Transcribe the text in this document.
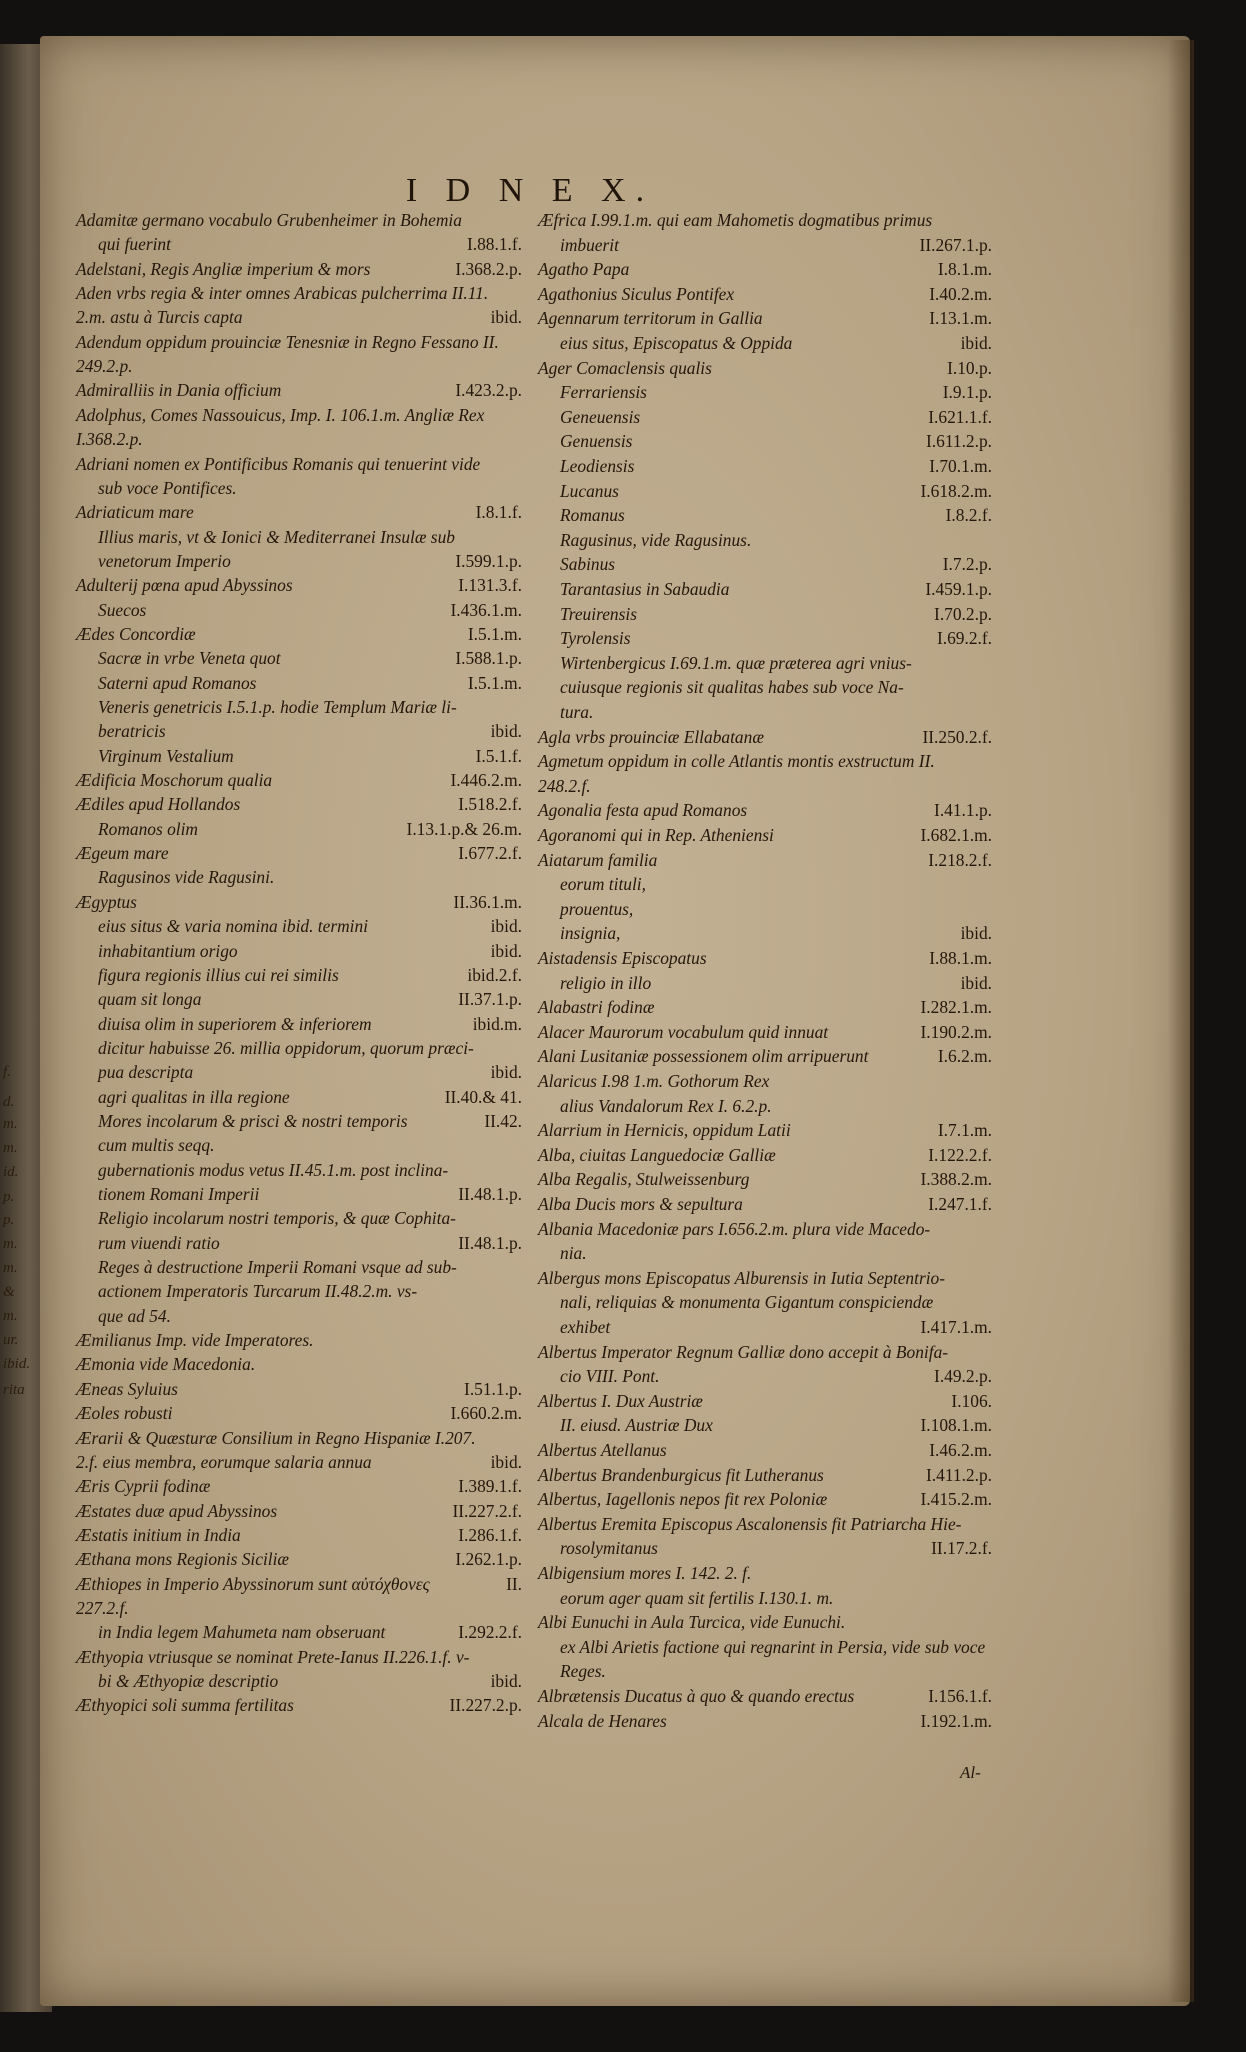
f.
d.
m.
m.
id.
p.
p.
m.
m.
&
m.
ur.
ibid.
rita
I D N E X.
Adamitæ germano vocabulo Grubenheimer in Bohemia
qui fuerint	I.88.1.f.
Adelstani, Regis Angliæ imperium & mors	I.368.2.p.
Aden vrbs regia & inter omnes Arabicas pulcherrima II.11.
2.m. astu à Turcis capta	ibid.
Adendum oppidum prouinciæ Tenesniæ in Regno Fessano II.
249.2.p.
Admiralliis in Dania officium	I.423.2.p.
Adolphus, Comes Nassouicus, Imp. I. 106.1.m. Angliæ Rex
I.368.2.p.
Adriani nomen ex Pontificibus Romanis qui tenuerint vide
sub voce Pontifices.
Adriaticum mare	I.8.1.f.
Illius maris, vt & Ionici & Mediterranei Insulæ sub
venetorum Imperio	I.599.1.p.
Adulterij pœna apud Abyssinos	I.131.3.f.
Suecos	I.436.1.m.
Ædes Concordiæ	I.5.1.m.
Sacræ in vrbe Veneta quot	I.588.1.p.
Saterni apud Romanos	I.5.1.m.
Veneris genetricis I.5.1.p. hodie Templum Mariæ li-
beratricis	ibid.
Virginum Vestalium	I.5.1.f.
Ædificia Moschorum qualia	I.446.2.m.
Ædiles apud Hollandos	I.518.2.f.
Romanos olim	I.13.1.p.& 26.m.
Ægeum mare	I.677.2.f.
Ragusinos vide Ragusini.
Ægyptus	II.36.1.m.
eius situs & varia nomina ibid. termini	ibid.
inhabitantium origo	ibid.
figura regionis illius cui rei similis	ibid.2.f.
quam sit longa	II.37.1.p.
diuisa olim in superiorem & inferiorem	ibid.m.
dicitur habuisse 26. millia oppidorum, quorum præci-
pua descripta	ibid.
agri qualitas in illa regione	II.40.& 41.
Mores incolarum & prisci & nostri temporis	II.42.
cum multis seqq.
gubernationis modus vetus II.45.1.m. post inclina-
tionem Romani Imperii	II.48.1.p.
Religio incolarum nostri temporis, & quæ Cophita-
rum viuendi ratio	II.48.1.p.
Reges à destructione Imperii Romani vsque ad sub-
actionem Imperatoris Turcarum II.48.2.m. vs-
que ad 54.
Æmilianus Imp. vide Imperatores.
Æmonia vide Macedonia.
Æneas Syluius	I.51.1.p.
Æoles robusti	I.660.2.m.
Ærarii & Quæsturæ Consilium in Regno Hispaniæ I.207.
2.f. eius membra, eorumque salaria annua	ibid.
Æris Cyprii fodinæ	I.389.1.f.
Æstates duæ apud Abyssinos	II.227.2.f.
Æstatis initium in India	I.286.1.f.
Æthana mons Regionis Siciliæ	I.262.1.p.
Æthiopes in Imperio Abyssinorum sunt αὐτόχθονες	II.
227.2.f.
in India legem Mahumeta nam obseruant	I.292.2.f.
Æthyopia vtriusque se nominat Prete-Ianus II.226.1.f. v-
bi & Æthyopiæ descriptio	ibid.
Æthyopici soli summa fertilitas	II.227.2.p.
Æfrica I.99.1.m. qui eam Mahometis dogmatibus primus
imbuerit	II.267.1.p.
Agatho Papa	I.8.1.m.
Agathonius Siculus Pontifex	I.40.2.m.
Agennarum territorum in Gallia	I.13.1.m.
eius situs, Episcopatus & Oppida	ibid.
Ager Comaclensis qualis	I.10.p.
Ferrariensis	I.9.1.p.
Geneuensis	I.621.1.f.
Genuensis	I.611.2.p.
Leodiensis	I.70.1.m.
Lucanus	I.618.2.m.
Romanus	I.8.2.f.
Ragusinus, vide Ragusinus.
Sabinus	I.7.2.p.
Tarantasius in Sabaudia	I.459.1.p.
Treuirensis	I.70.2.p.
Tyrolensis	I.69.2.f.
Wirtenbergicus I.69.1.m. quæ præterea agri vnius-
cuiusque regionis sit qualitas habes sub voce Na-
tura.
Agla vrbs prouinciæ Ellabatanæ	II.250.2.f.
Agmetum oppidum in colle Atlantis montis exstructum II.
248.2.f.
Agonalia festa apud Romanos	I.41.1.p.
Agoranomi qui in Rep. Atheniensi	I.682.1.m.
Aiatarum familia	I.218.2.f.
eorum tituli,
prouentus,
insignia,	ibid.
Aistadensis Episcopatus	I.88.1.m.
religio in illo	ibid.
Alabastri fodinæ	I.282.1.m.
Alacer Maurorum vocabulum quid innuat	I.190.2.m.
Alani Lusitaniæ possessionem olim arripuerunt	I.6.2.m.
Alaricus I.98 1.m. Gothorum Rex
alius Vandalorum Rex I. 6.2.p.
Alarrium in Hernicis, oppidum Latii	I.7.1.m.
Alba, ciuitas Languedociæ Galliæ	I.122.2.f.
Alba Regalis, Stulweissenburg	I.388.2.m.
Alba Ducis mors & sepultura	I.247.1.f.
Albania Macedoniæ pars I.656.2.m. plura vide Macedo-
nia.
Albergus mons Episcopatus Alburensis in Iutia Septentrio-
nali, reliquias & monumenta Gigantum conspiciendæ
exhibet	I.417.1.m.
Albertus Imperator Regnum Galliæ dono accepit à Bonifa-
cio VIII. Pont.	I.49.2.p.
Albertus I. Dux Austriæ	I.106.
II. eiusd. Austriæ Dux	I.108.1.m.
Albertus Atellanus	I.46.2.m.
Albertus Brandenburgicus fit Lutheranus	I.411.2.p.
Albertus, Iagellonis nepos fit rex Poloniæ	I.415.2.m.
Albertus Eremita Episcopus Ascalonensis fit Patriarcha Hie-
rosolymitanus	II.17.2.f.
Albigensium mores I. 142. 2. f.
eorum ager quam sit fertilis I.130.1. m.
Albi Eunuchi in Aula Turcica, vide Eunuchi.
ex Albi Arietis factione qui regnarint in Persia, vide sub voce
Reges.
Albrætensis Ducatus à quo & quando erectus	I.156.1.f.
Alcala de Henares	I.192.1.m.
Al-
